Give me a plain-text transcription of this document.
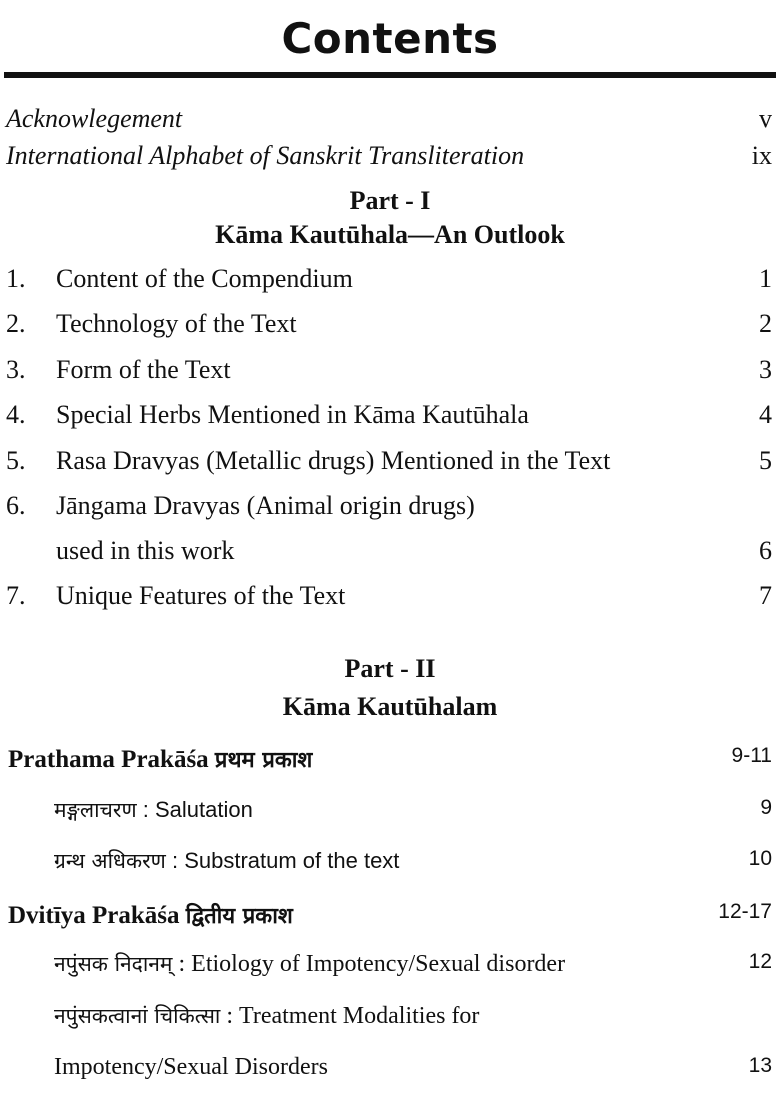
Contents
Acknowlegement	v
International Alphabet of Sanskrit Transliteration	ix
Part - I
Kāma Kautūhala—An Outlook
1. Content of the Compendium	1
2. Technology of the Text	2
3. Form of the Text	3
4. Special Herbs Mentioned in Kāma Kautūhala	4
5. Rasa Dravyas (Metallic drugs) Mentioned in the Text	5
6. Jāngama Dravyas (Animal origin drugs)
used in this work	6
7. Unique Features of the Text	7
Part - II
Kāma Kautūhalam
Prathama Prakāśa प्रथम प्रकाश	9-11
मङ्गलाचरण : Salutation	9
ग्रन्थ अधिकरण : Substratum of the text	10
Dvitīya Prakāśa द्वितीय प्रकाश	12-17
नपुंसक निदानम् : Etiology of Impotency/Sexual disorder	12
नपुंसकत्वानां चिकित्सा : Treatment Modalities for
Impotency/Sexual Disorders	13
